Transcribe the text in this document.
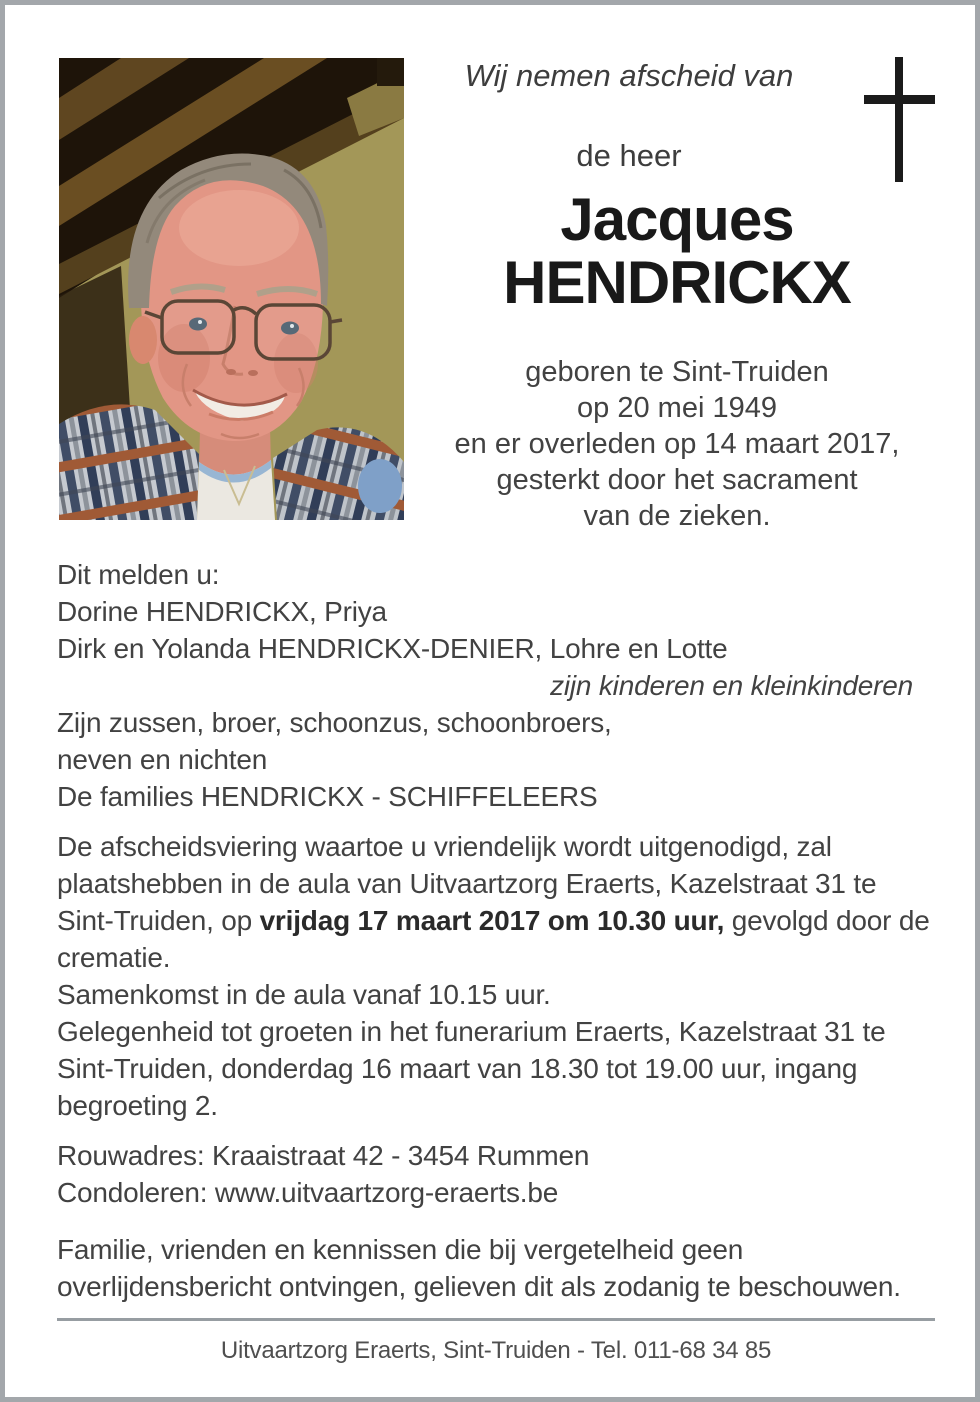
Wij nemen afscheid van
de heer
Jacques
HENDRICKX
geboren te Sint-Truiden
op 20 mei 1949
en er overleden op 14 maart 2017,
gesterkt door het sacrament
van de zieken.
Dit melden u:
Dorine HENDRICKX, Priya
Dirk en Yolanda HENDRICKX-DENIER, Lohre en Lotte
zijn kinderen en kleinkinderen
Zijn zussen, broer, schoonzus, schoonbroers,
neven en nichten
De families HENDRICKX - SCHIFFELEERS
De afscheidsviering waartoe u vriendelijk wordt uitgenodigd, zal plaatshebben in de aula van Uitvaartzorg Eraerts, Kazelstraat 31 te Sint-Truiden, op vrijdag 17 maart 2017 om 10.30 uur, gevolgd door de crematie.
Samenkomst in de aula vanaf 10.15 uur.
Gelegenheid tot groeten in het funerarium Eraerts, Kazelstraat 31 te Sint-Truiden, donderdag 16 maart van 18.30 tot 19.00 uur, ingang begroeting 2.
Rouwadres: Kraaistraat 42 - 3454 Rummen
Condoleren: www.uitvaartzorg-eraerts.be
Familie, vrienden en kennissen die bij vergetelheid geen overlijdensbericht ontvingen, gelieven dit als zodanig te beschouwen.
Uitvaartzorg Eraerts, Sint-Truiden - Tel. 011-68 34 85
